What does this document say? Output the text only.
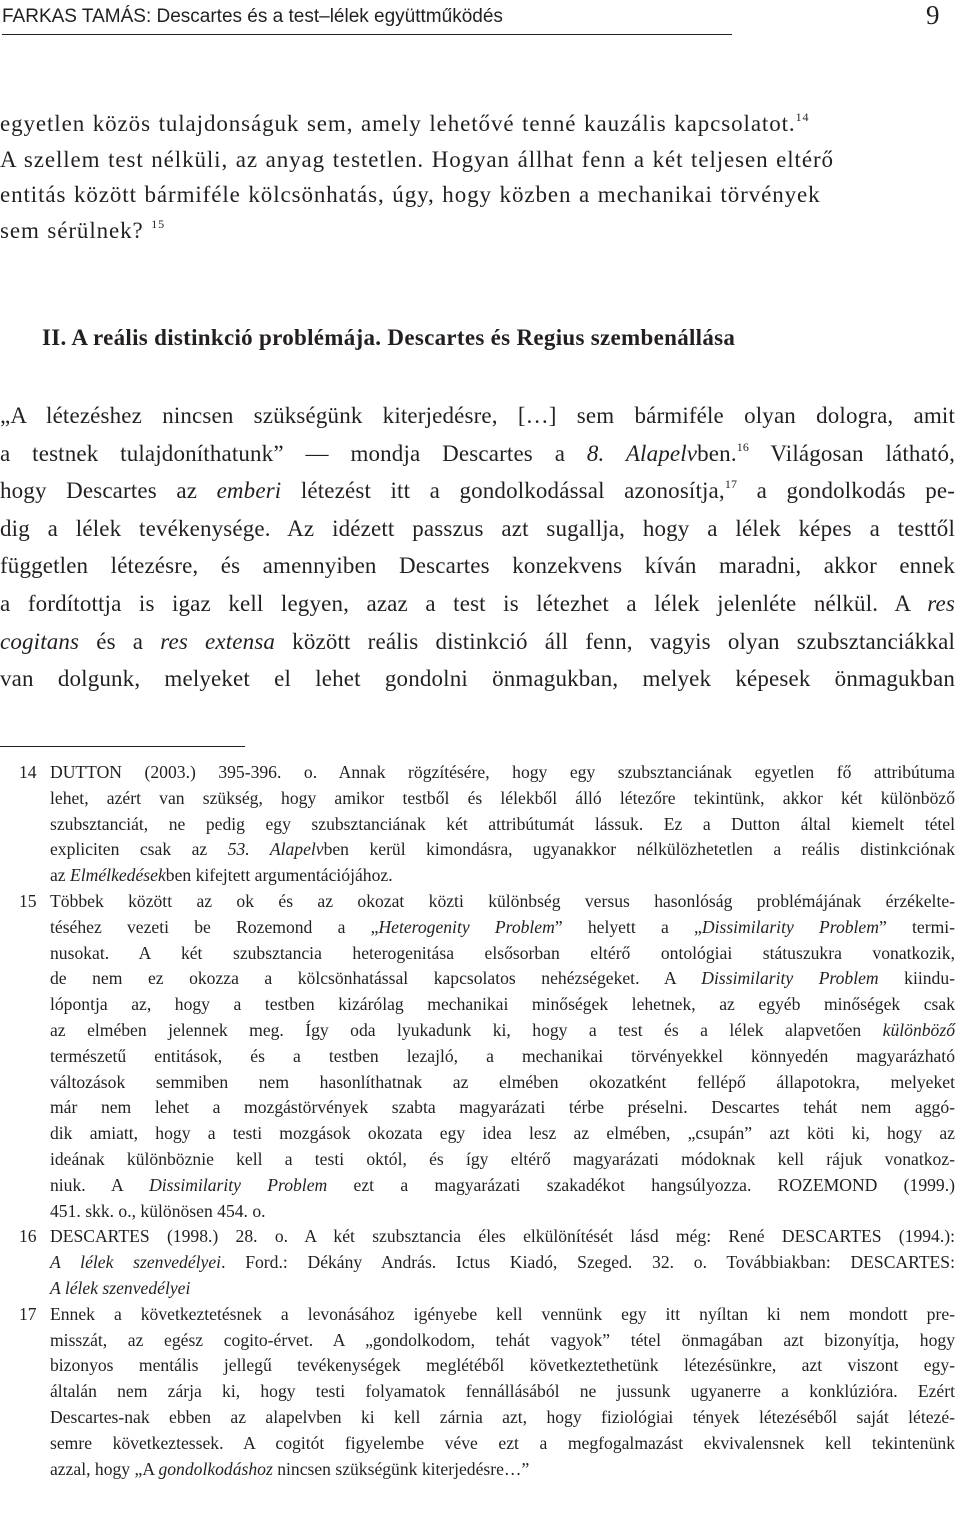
FARKAS TAMÁS: Descartes és a test–lélek együttműködés	9
egyetlen közös tulajdonságuk sem, amely lehetővé tenné kauzális kapcsolatot.$^{14}$
A szellem test nélküli, az anyag testetlen. Hogyan állhat fenn a két teljesen eltérő
entitás között bármiféle kölcsönhatás, úgy, hogy közben a mechanikai törvények
sem sérülnek? $^{15}$
II. A reális distinkció problémája. Descartes és Regius szembenállása
„A létezéshez nincsen szükségünk kiterjedésre, […] sem bármiféle olyan dologra, amit
a testnek tulajdoníthatunk” — mondja Descartes a 8. Alapelvben.$^{16}$ Világosan látható,
hogy Descartes az emberi létezést itt a gondolkodással azonosítja,$^{17}$ a gondolkodás pe-
dig a lélek tevékenysége. Az idézett passzus azt sugallja, hogy a lélek képes a testtől
független létezésre, és amennyiben Descartes konzekvens kíván maradni, akkor ennek
a fordítottja is igaz kell legyen, azaz a test is létezhet a lélek jelenléte nélkül. A res
cogitans és a res extensa között reális distinkció áll fenn, vagyis olyan szubsztanciákkal
van dolgunk, melyeket el lehet gondolni önmagukban, melyek képesek önmagukban
14 DUTTON (2003.) 395-396. o. Annak rögzítésére, hogy egy szubsztanciának egyetlen fő attribútuma
lehet, azért van szükség, hogy amikor testből és lélekből álló létezőre tekintünk, akkor két különböző
szubsztanciát, ne pedig egy szubsztanciának két attribútumát lássuk. Ez a Dutton által kiemelt tétel
expliciten csak az 53. Alapelvben kerül kimondásra, ugyanakkor nélkülözhetetlen a reális distinkciónak
az Elmélkedésekben kifejtett argumentációjához.
15 Többek között az ok és az okozat közti különbség versus hasonlóság problémájának érzékelte-
téséhez vezeti be Rozemond a „Heterogenity Problem” helyett a „Dissimilarity Problem” termi-
nusokat. A két szubsztancia heterogenitása elsősorban eltérő ontológiai státuszukra vonatkozik,
de nem ez okozza a kölcsönhatással kapcsolatos nehézségeket. A Dissimilarity Problem kiindu-
lópontja az, hogy a testben kizárólag mechanikai minőségek lehetnek, az egyéb minőségek csak
az elmében jelennek meg. Így oda lyukadunk ki, hogy a test és a lélek alapvetően különböző
természetű entitások, és a testben lezajló, a mechanikai törvényekkel könnyedén magyarázható
változások semmiben nem hasonlíthatnak az elmében okozatként fellépő állapotokra, melyeket
már nem lehet a mozgástörvények szabta magyarázati térbe préselni. Descartes tehát nem aggó-
dik amiatt, hogy a testi mozgások okozata egy idea lesz az elmében, „csupán” azt köti ki, hogy az
ideának különböznie kell a testi októl, és így eltérő magyarázati módoknak kell rájuk vonatkoz-
niuk. A Dissimilarity Problem ezt a magyarázati szakadékot hangsúlyozza. ROZEMOND (1999.)
451. skk. o., különösen 454. o.
16 DESCARTES (1998.) 28. o. A két szubsztancia éles elkülönítését lásd még: René DESCARTES (1994.):
A lélek szenvedélyei. Ford.: Dékány András. Ictus Kiadó, Szeged. 32. o. Továbbiakban: DESCARTES:
A lélek szenvedélyei
17 Ennek a következtetésnek a levonásához igényebe kell vennünk egy itt nyíltan ki nem mondott pre-
misszát, az egész cogito-érvet. A „gondolkodom, tehát vagyok” tétel önmagában azt bizonyítja, hogy
bizonyos mentális jellegű tevékenységek meglétéből következtethetünk létezésünkre, azt viszont egy-
általán nem zárja ki, hogy testi folyamatok fennállásából ne jussunk ugyanerre a konklúzióra. Ezért
Descartes-nak ebben az alapelvben ki kell zárnia azt, hogy fiziológiai tények létezéséből saját létezé-
semre következtessek. A cogitót figyelembe véve ezt a megfogalmazást ekvivalensnek kell tekintenünk
azzal, hogy „A gondolkodáshoz nincsen szükségünk kiterjedésre…”
